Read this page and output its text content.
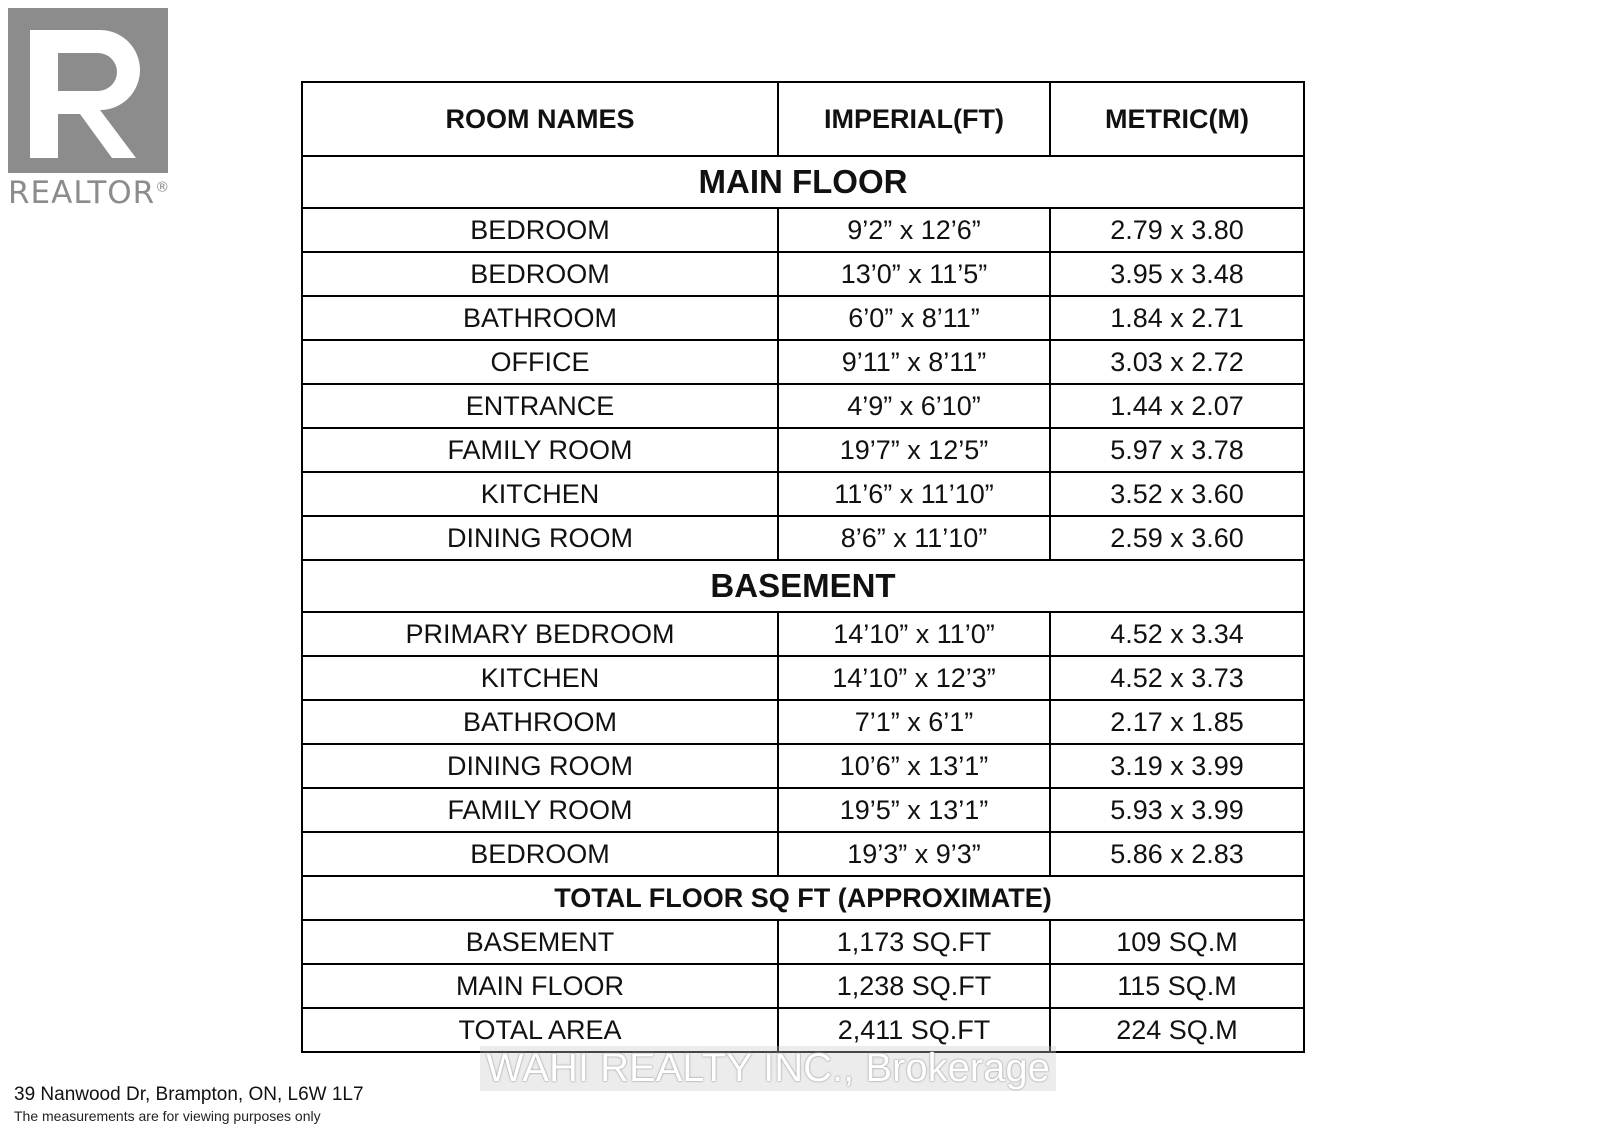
REALTOR®
ROOM NAMES	IMPERIAL(FT)	METRIC(M)
MAIN FLOOR		
BEDROOM	9’2” x 12’6”	2.79 x 3.80
BEDROOM	13’0” x 11’5”	3.95 x 3.48
BATHROOM	6’0” x 8’11”	1.84 x 2.71
OFFICE	9’11” x 8’11”	3.03 x 2.72
ENTRANCE	4’9” x 6’10”	1.44 x 2.07
FAMILY ROOM	19’7” x 12’5”	5.97 x 3.78
KITCHEN	11’6” x 11’10”	3.52 x 3.60
DINING ROOM	8’6” x 11’10”	2.59 x 3.60
BASEMENT		
PRIMARY BEDROOM	14’10” x 11’0”	4.52 x 3.34
KITCHEN	14’10” x 12’3”	4.52 x 3.73
BATHROOM	7’1” x 6’1”	2.17 x 1.85
DINING ROOM	10’6” x 13’1”	3.19 x 3.99
FAMILY ROOM	19’5” x 13’1”	5.93 x 3.99
BEDROOM	19’3” x 9’3”	5.86 x 2.83
TOTAL FLOOR SQ FT (APPROXIMATE)		
BASEMENT	1,173 SQ.FT	109 SQ.M
MAIN FLOOR	1,238 SQ.FT	115 SQ.M
TOTAL AREA	2,411 SQ.FT	224 SQ.M
WAHI REALTY INC., Brokerage
39 Nanwood Dr, Brampton, ON, L6W 1L7
The measurements are for viewing purposes only
